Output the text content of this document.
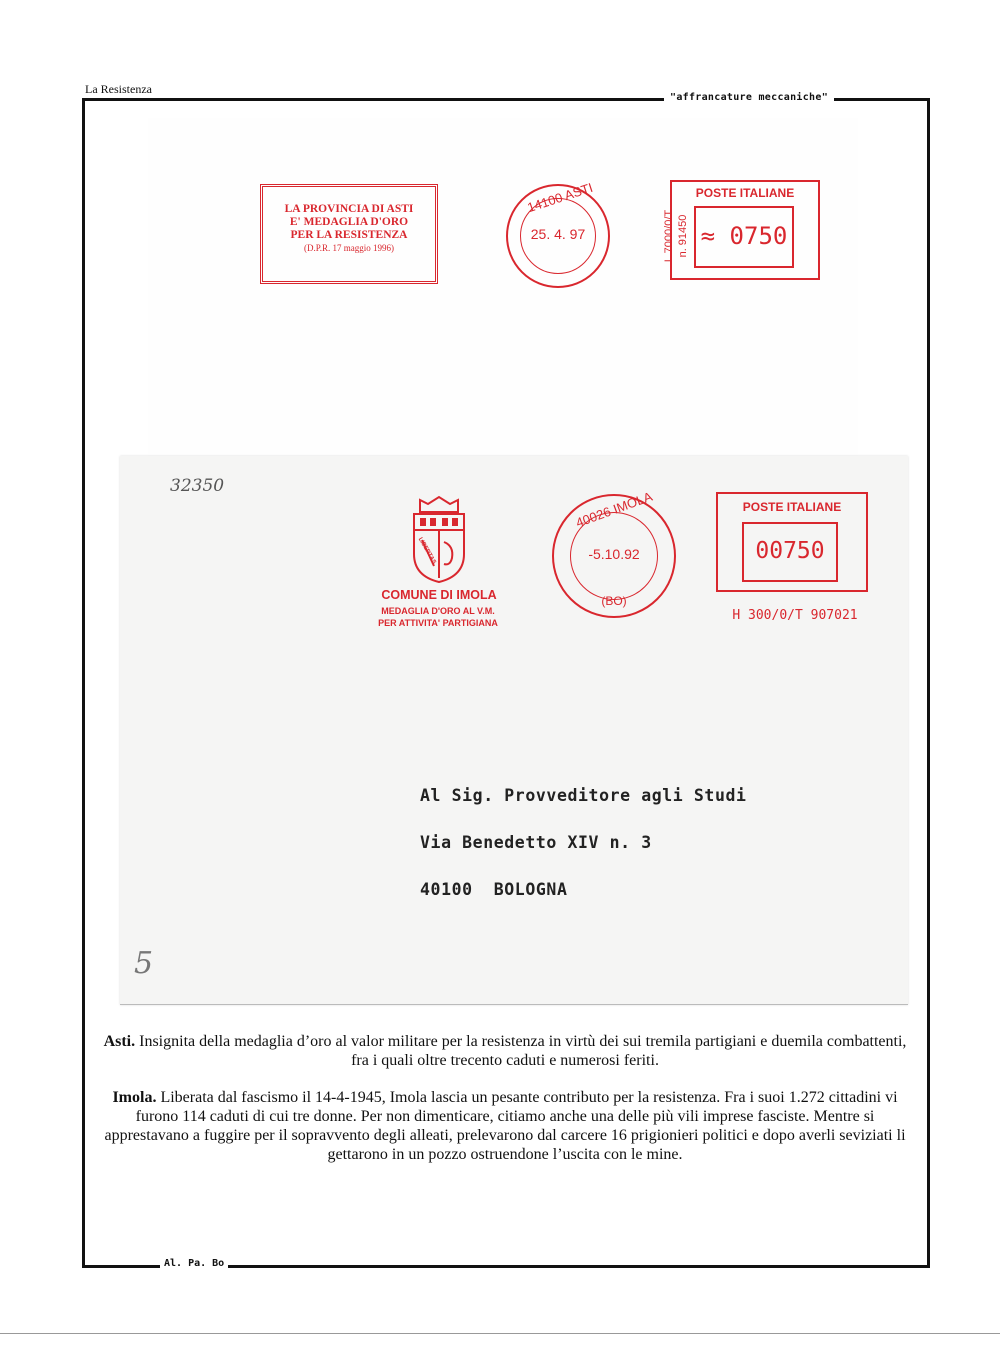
La Resistenza
"affrancature meccaniche"
Al. Pa. Bo
LA PROVINCIA DI ASTI
E' MEDAGLIA D'ORO
PER LA RESISTENZA
(D.P.R. 17 maggio 1996)
14100 ASTI
25. 4. 97	L 7000/0/T n. 91450
POSTE ITALIANE
≈ 0750
32350
5
LIBERTAS
COMUNE DI IMOLA
MEDAGLIA D'ORO AL V.M.
PER ATTIVITA' PARTIGIANA
40026 IMOLA
-5.10.92
(BO)
POSTE ITALIANE
00750
H 300/0/T 907021
Al Sig. Provveditore agli Studi
Via Benedetto XIV n. 3
40100  BOLOGNA

Asti. Insignita della medaglia d’oro al valor militare per la resistenza in virtù dei sui tremila partigiani e duemila combattenti, fra i quali oltre trecento caduti e numerosi feriti.

Imola. Liberata dal fascismo il 14-4-1945, Imola lascia un pesante contributo per la resistenza. Fra i suoi 1.272 cittadini vi furono 114 caduti di cui tre donne. Per non dimenticare, citiamo anche una delle più vili imprese fasciste. Mentre si apprestavano a fuggire per il sopravvento degli alleati, prelevarono dal carcere 16 prigionieri politici e dopo averli seviziati li gettarono in un pozzo ostruendone l’uscita con le mine.
